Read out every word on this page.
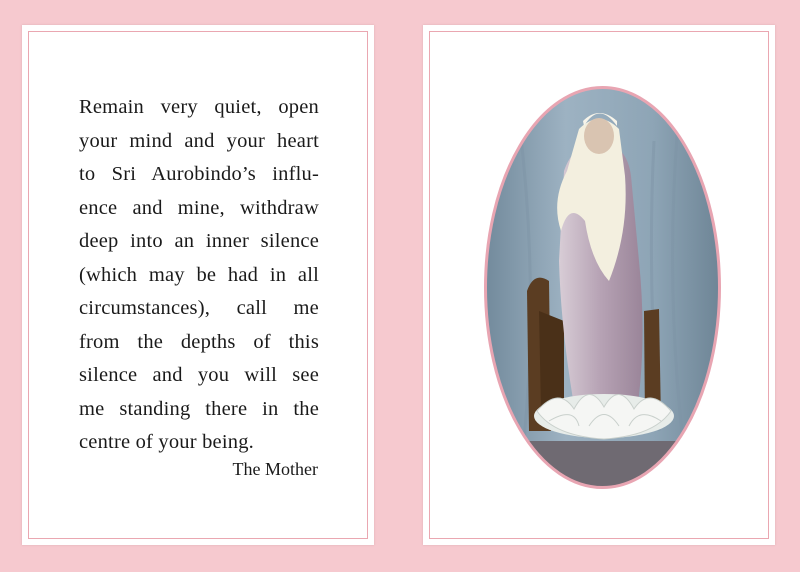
Remain very quiet, open
your mind and your heart
to Sri Aurobindo’s influ-
ence and mine, withdraw
deep into an inner silence
(which may be had in all
circumstances), call me
from the depths of this
silence and you will see
me standing there in the
centre of your being.

The Mother
